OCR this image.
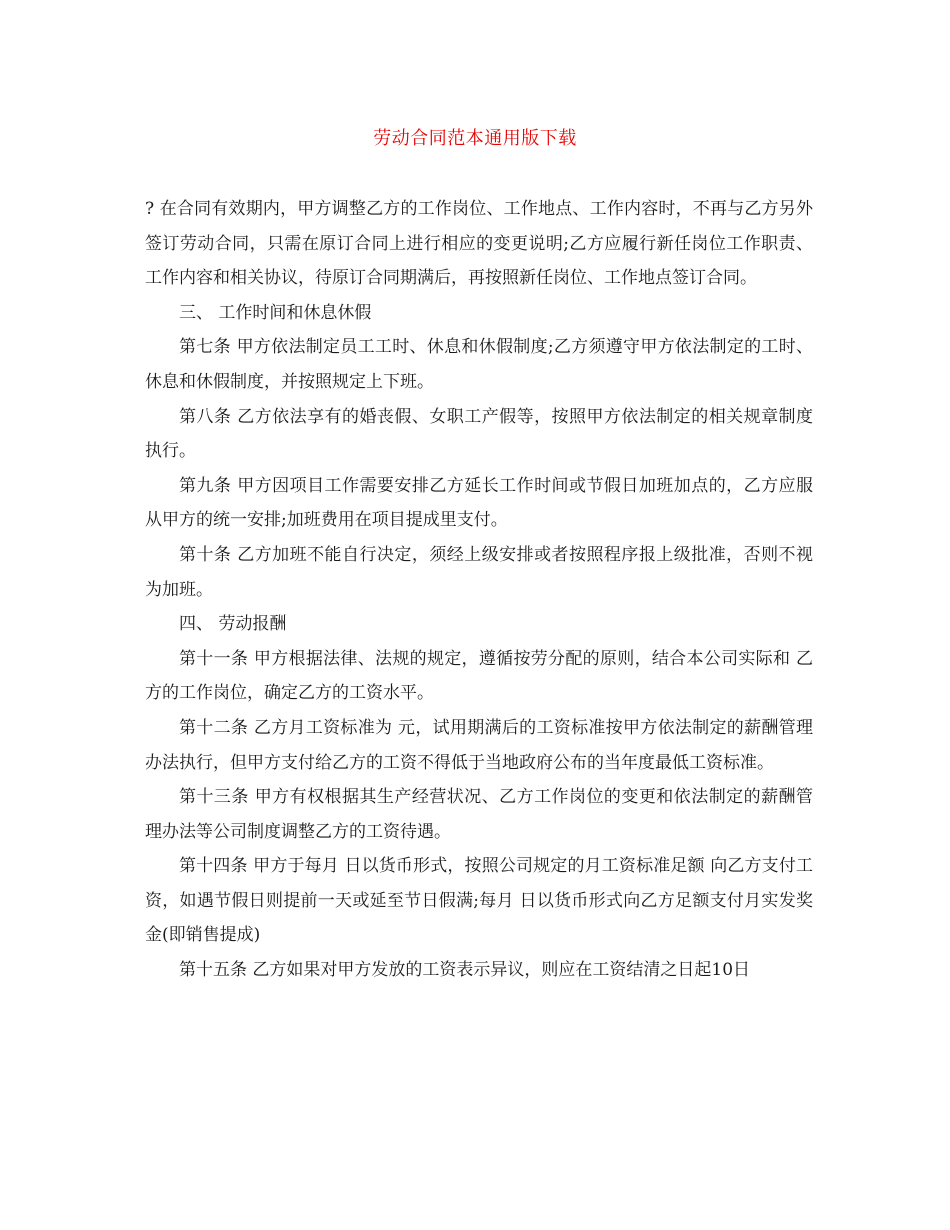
劳动合同范本通用版下载

? 在合同有效期内，甲方调整乙方的工作岗位、工作地点、工作内容时，不再与乙方另外签订劳动合同，只需在原订合同上进行相应的变更说明;乙方应履行新任岗位工作职责、工作内容和相关协议，待原订合同期满后，再按照新任岗位、工作地点签订合同。

三、 工作时间和休息休假

第七条 甲方依法制定员工工时、休息和休假制度;乙方须遵守甲方依法制定的工时、休息和休假制度，并按照规定上下班。

第八条 乙方依法享有的婚丧假、女职工产假等，按照甲方依法制定的相关规章制度执行。

第九条 甲方因项目工作需要安排乙方延长工作时间或节假日加班加点的，乙方应服从甲方的统一安排;加班费用在项目提成里支付。

第十条 乙方加班不能自行决定，须经上级安排或者按照程序报上级批准，否则不视为加班。

四、 劳动报酬

第十一条 甲方根据法律、法规的规定，遵循按劳分配的原则，结合本公司实际和 乙方的工作岗位，确定乙方的工资水平。

第十二条 乙方月工资标准为 元，试用期满后的工资标准按甲方依法制定的薪酬管理办法执行，但甲方支付给乙方的工资不得低于当地政府公布的当年度最低工资标准。

第十三条 甲方有权根据其生产经营状况、乙方工作岗位的变更和依法制定的薪酬管理办法等公司制度调整乙方的工资待遇。

第十四条 甲方于每月 日以货币形式，按照公司规定的月工资标准足额 向乙方支付工资，如遇节假日则提前一天或延至节日假满;每月 日以货币形式向乙方足额支付月实发奖金(即销售提成)

第十五条 乙方如果对甲方发放的工资表示异议，则应在工资结清之日起10日
